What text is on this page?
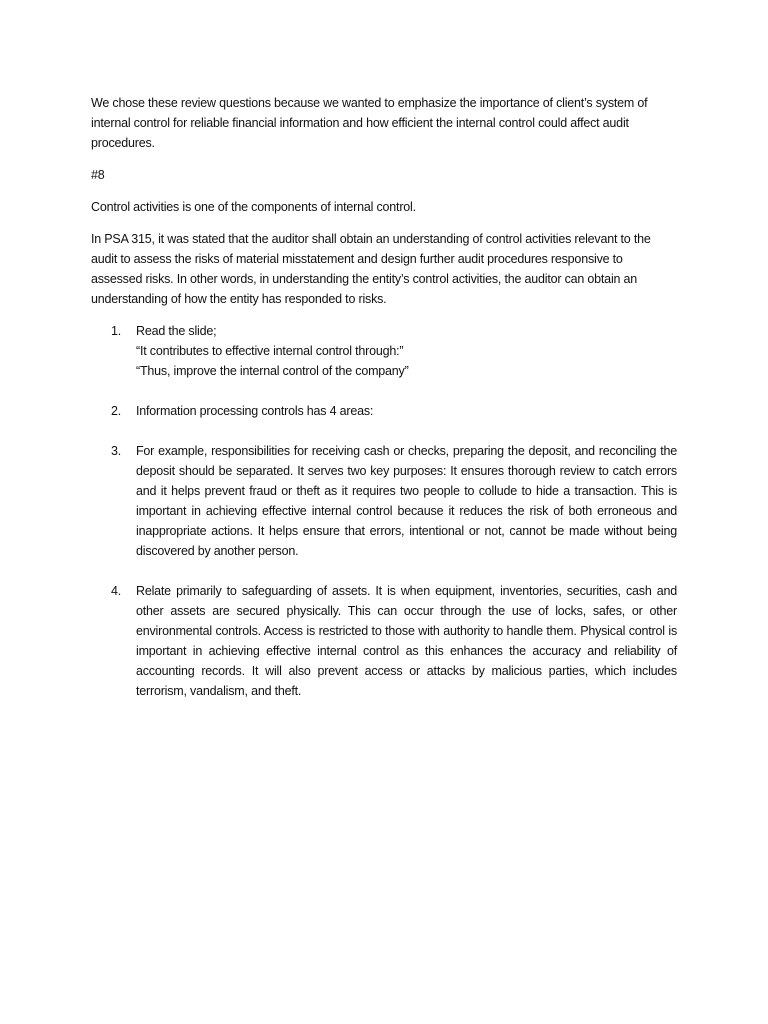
We chose these review questions because we wanted to emphasize the importance of client’s system of internal control for reliable financial information and how efficient the internal control could affect audit procedures.

#8

Control activities is one of the components of internal control.

In PSA 315, it was stated that the auditor shall obtain an understanding of control activities relevant to the audit to assess the risks of material misstatement and design further audit procedures responsive to assessed risks. In other words, in understanding the entity’s control activities, the auditor can obtain an understanding of how the entity has responded to risks.

1.	Read the slide;
“It contributes to effective internal control through:”
“Thus, improve the internal control of the company”
2.	Information processing controls has 4 areas:
3.	For example, responsibilities for receiving cash or checks, preparing the deposit, and reconciling the deposit should be separated. It serves two key purposes: It ensures thorough review to catch errors and it helps prevent fraud or theft as it requires two people to collude to hide a transaction. This is important in achieving effective internal control because it reduces the risk of both erroneous and inappropriate actions. It helps ensure that errors, intentional or not, cannot be made without being discovered by another person.
4.	Relate primarily to safeguarding of assets. It is when equipment, inventories, securities, cash and other assets are secured physically. This can occur through the use of locks, safes, or other environmental controls. Access is restricted to those with authority to handle them. Physical control is important in achieving effective internal control as this enhances the accuracy and reliability of accounting records. It will also prevent access or attacks by malicious parties, which includes terrorism, vandalism, and theft.
